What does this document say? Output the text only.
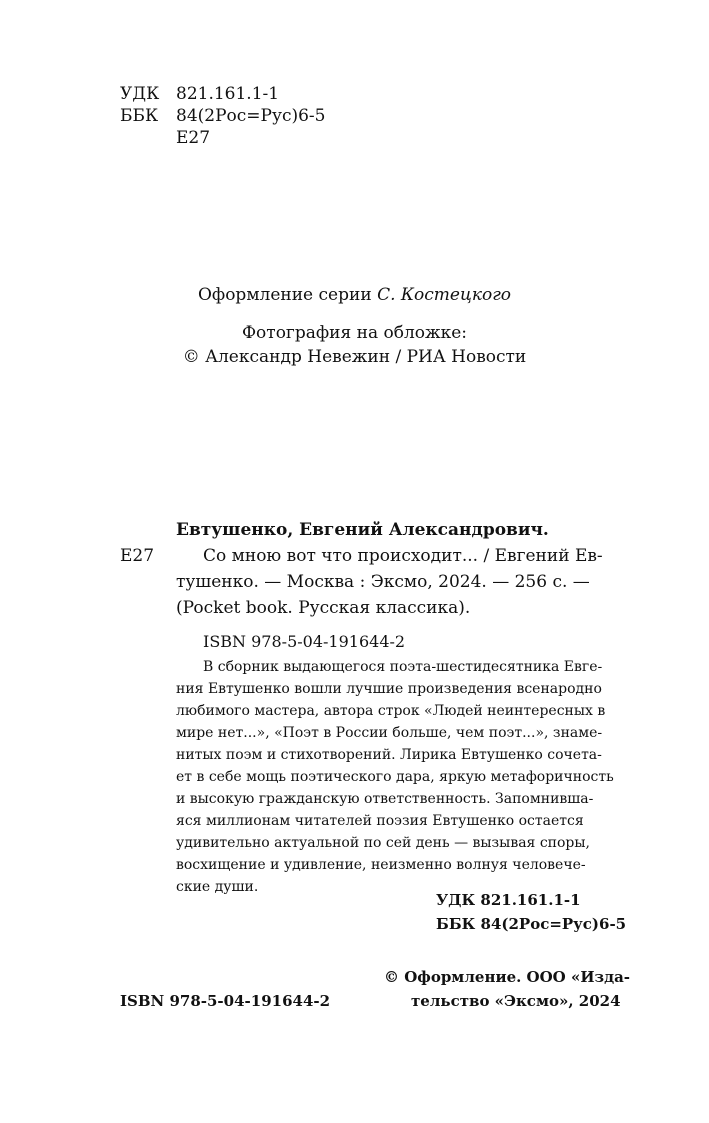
УДК 821.161.1-1
ББК 84(2Рос=Рус)6-5
Е27
Оформление серии С. Костецкого
Фотография на обложке:
© Александр Невежин / РИА Новости
Евтушенко, Евгений Александрович.
Е27	Со мною вот что происходит... / Евгений Ев-
тушенко. — Москва : Эксмо, 2024. — 256 с. —
(Pocket book. Русская классика).
ISBN 978-5-04-191644-2
В сборник выдающегося поэта-шестидесятника Евге-
ния Евтушенко вошли лучшие произведения всенародно
любимого мастера, автора строк «Людей неинтересных в
мире нет...», «Поэт в России больше, чем поэт...», знаме-
нитых поэм и стихотворений. Лирика Евтушенко сочета-
ет в себе мощь поэтического дара, яркую метафоричность
и высокую гражданскую ответственность. Запомнивша-
яся миллионам читателей поэзия Евтушенко остается
удивительно актуальной по сей день — вызывая споры,
восхищение и удивление, неизменно волнуя человече-
ские души.
УДК 821.161.1-1
ББК 84(2Рос=Рус)6-5
© Оформление. ООО «Изда-
тельство «Эксмо», 2024
ISBN 978-5-04-191644-2
